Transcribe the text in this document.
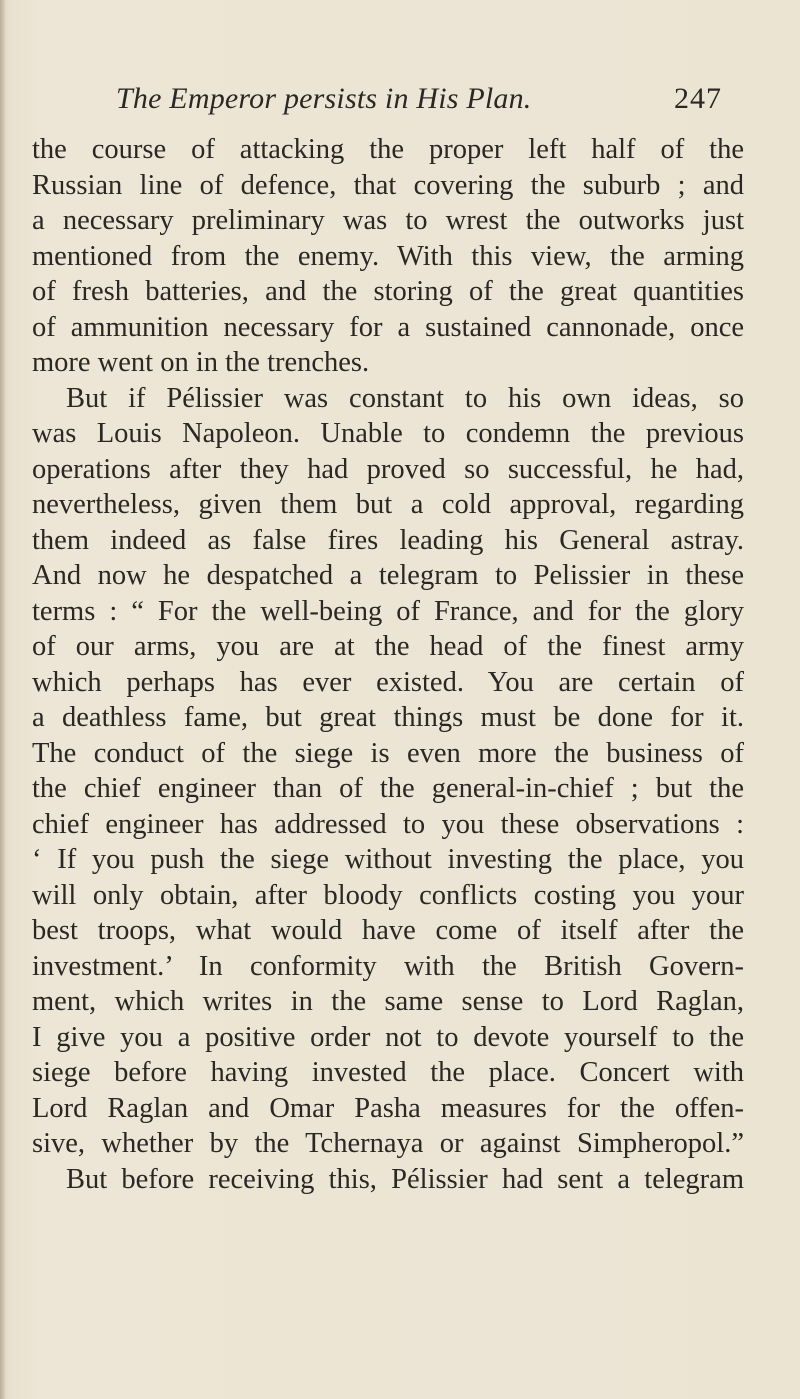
The Emperor persists in His Plan.	247
the course of attacking the proper left half of the
Russian line of defence, that covering the suburb ; and
a necessary preliminary was to wrest the outworks just
mentioned from the enemy. With this view, the arming
of fresh batteries, and the storing of the great quantities
of ammunition necessary for a sustained cannonade, once
more went on in the trenches.
But if Pélissier was constant to his own ideas, so
was Louis Napoleon. Unable to condemn the previous
operations after they had proved so successful, he had,
nevertheless, given them but a cold approval, regarding
them indeed as false fires leading his General astray.
And now he despatched a telegram to Pelissier in these
terms : “ For the well-being of France, and for the glory
of our arms, you are at the head of the finest army
which perhaps has ever existed. You are certain of
a deathless fame, but great things must be done for it.
The conduct of the siege is even more the business of
the chief engineer than of the general-in-chief ; but the
chief engineer has addressed to you these observations :
‘ If you push the siege without investing the place, you
will only obtain, after bloody conflicts costing you your
best troops, what would have come of itself after the
investment.’ In conformity with the British Govern-
ment, which writes in the same sense to Lord Raglan,
I give you a positive order not to devote yourself to the
siege before having invested the place. Concert with
Lord Raglan and Omar Pasha measures for the offen-
sive, whether by the Tchernaya or against Simpheropol.”
But before receiving this, Pélissier had sent a telegram
